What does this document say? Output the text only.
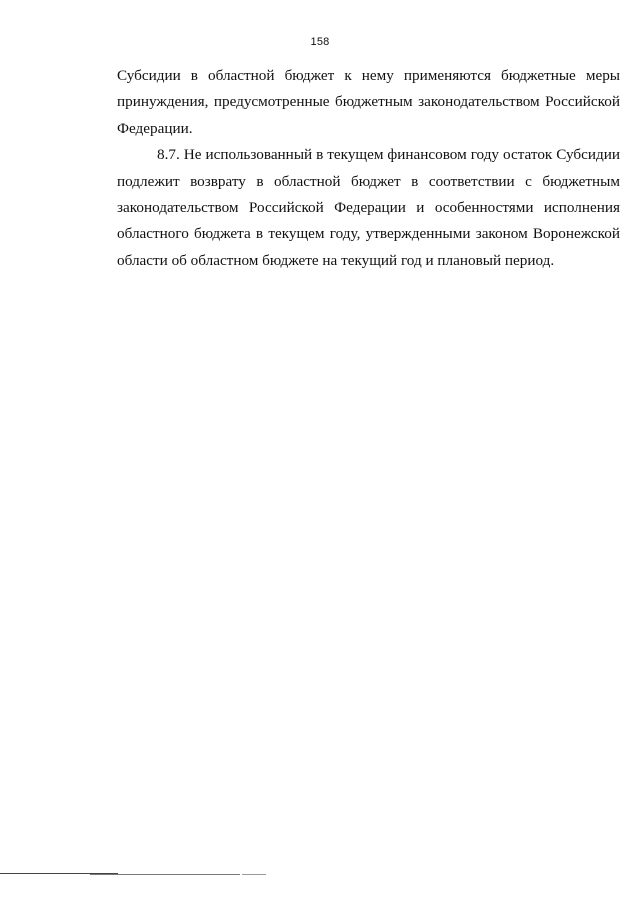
158

Субсидии в областной бюджет к нему применяются бюджетные меры принуждения, предусмотренные бюджетным законодательством Российской Федерации.

8.7. Не использованный в текущем финансовом году остаток Субсидии подлежит возврату в областной бюджет в соответствии с бюджетным законодательством Российской Федерации и особенностями исполнения областного бюджета в текущем году, утвержденными законом Воронежской области об областном бюджете на текущий год и плановый период.
